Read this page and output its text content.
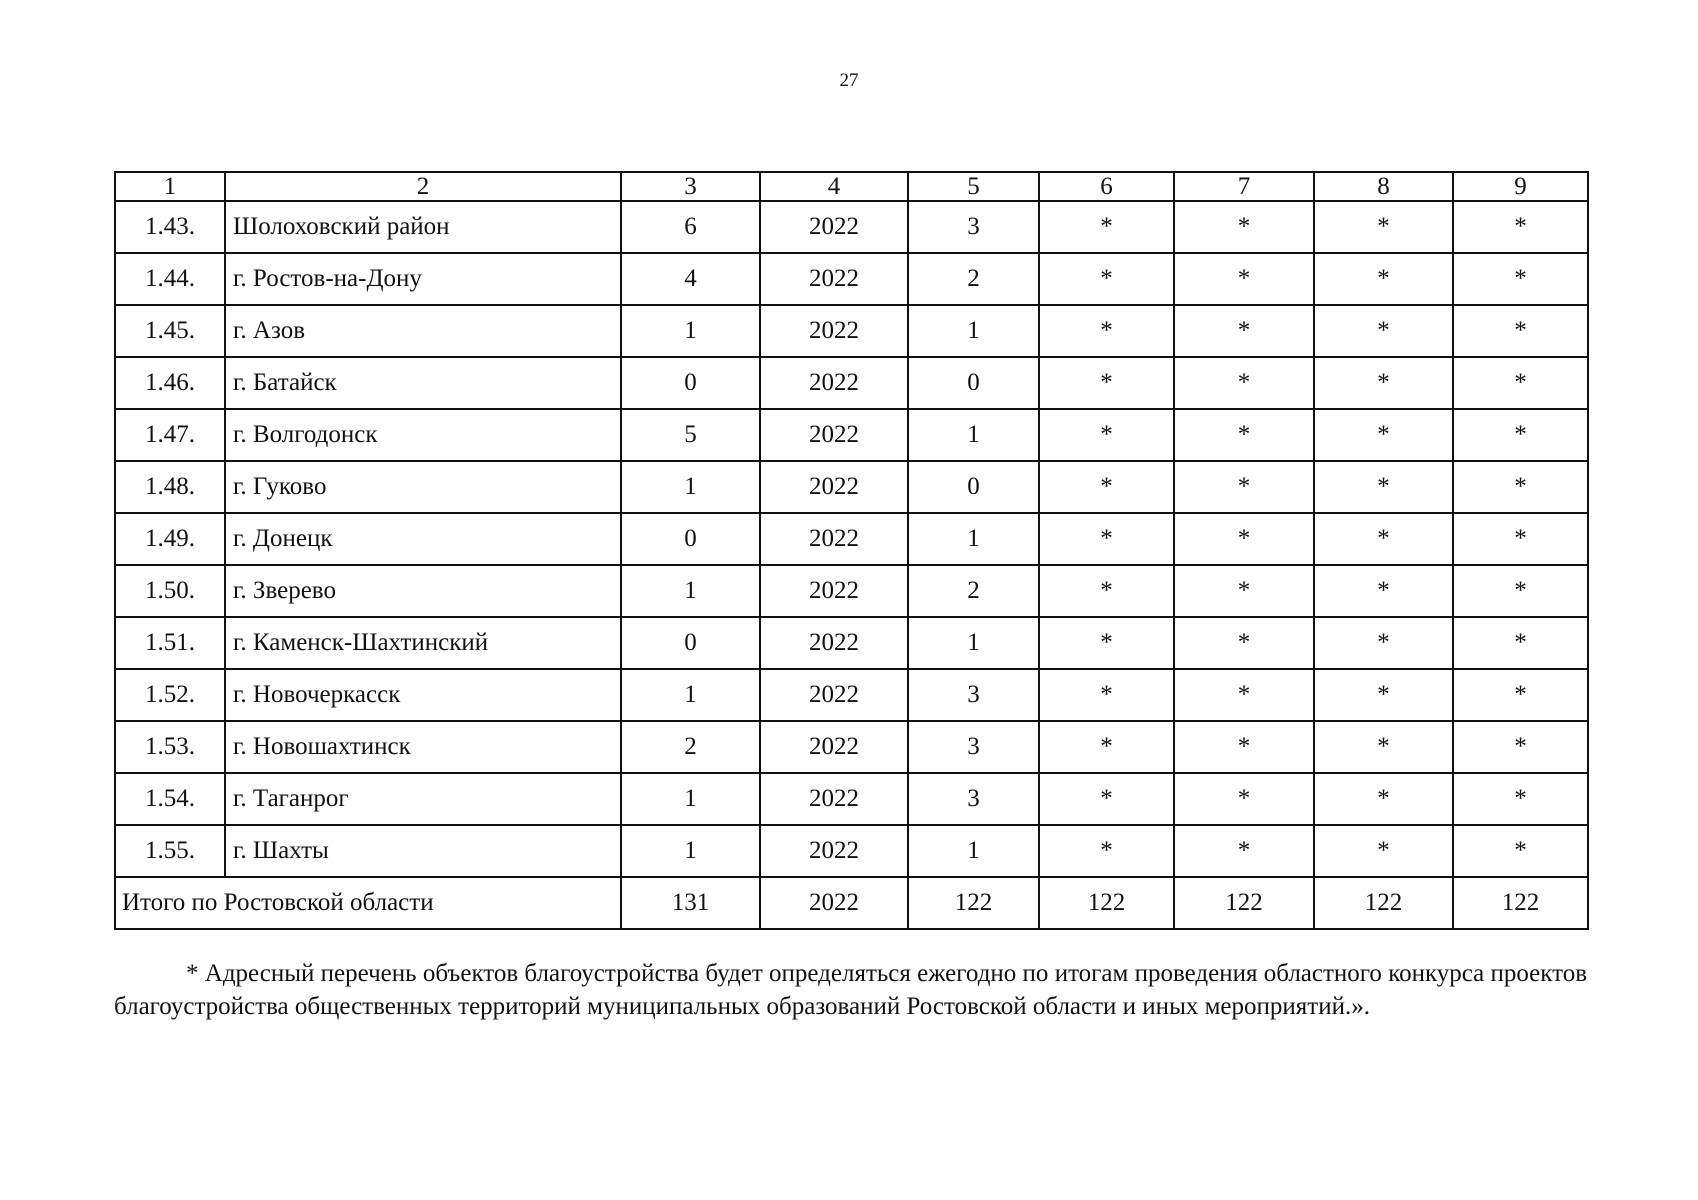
27
1	2	3	4	5	6	7	8	9
1.43.	Шолоховский район	6	2022	3	*	*	*	*
1.44.	г. Ростов-на-Дону	4	2022	2	*	*	*	*
1.45.	г. Азов	1	2022	1	*	*	*	*
1.46.	г. Батайск	0	2022	0	*	*	*	*
1.47.	г. Волгодонск	5	2022	1	*	*	*	*
1.48.	г. Гуково	1	2022	0	*	*	*	*
1.49.	г. Донецк	0	2022	1	*	*	*	*
1.50.	г. Зверево	1	2022	2	*	*	*	*
1.51.	г. Каменск-Шахтинский	0	2022	1	*	*	*	*
1.52.	г. Новочеркасск	1	2022	3	*	*	*	*
1.53.	г. Новошахтинск	2	2022	3	*	*	*	*
1.54.	г. Таганрог	1	2022	3	*	*	*	*
1.55.	г. Шахты	1	2022	1	*	*	*	*
Итого по Ростовской области		131	2022	122	122	122	122	122

* Адресный перечень объектов благоустройства будет определяться ежегодно по итогам проведения областного конкурса проектов благоустройства общественных территорий муниципальных образований Ростовской области и иных мероприятий.».
